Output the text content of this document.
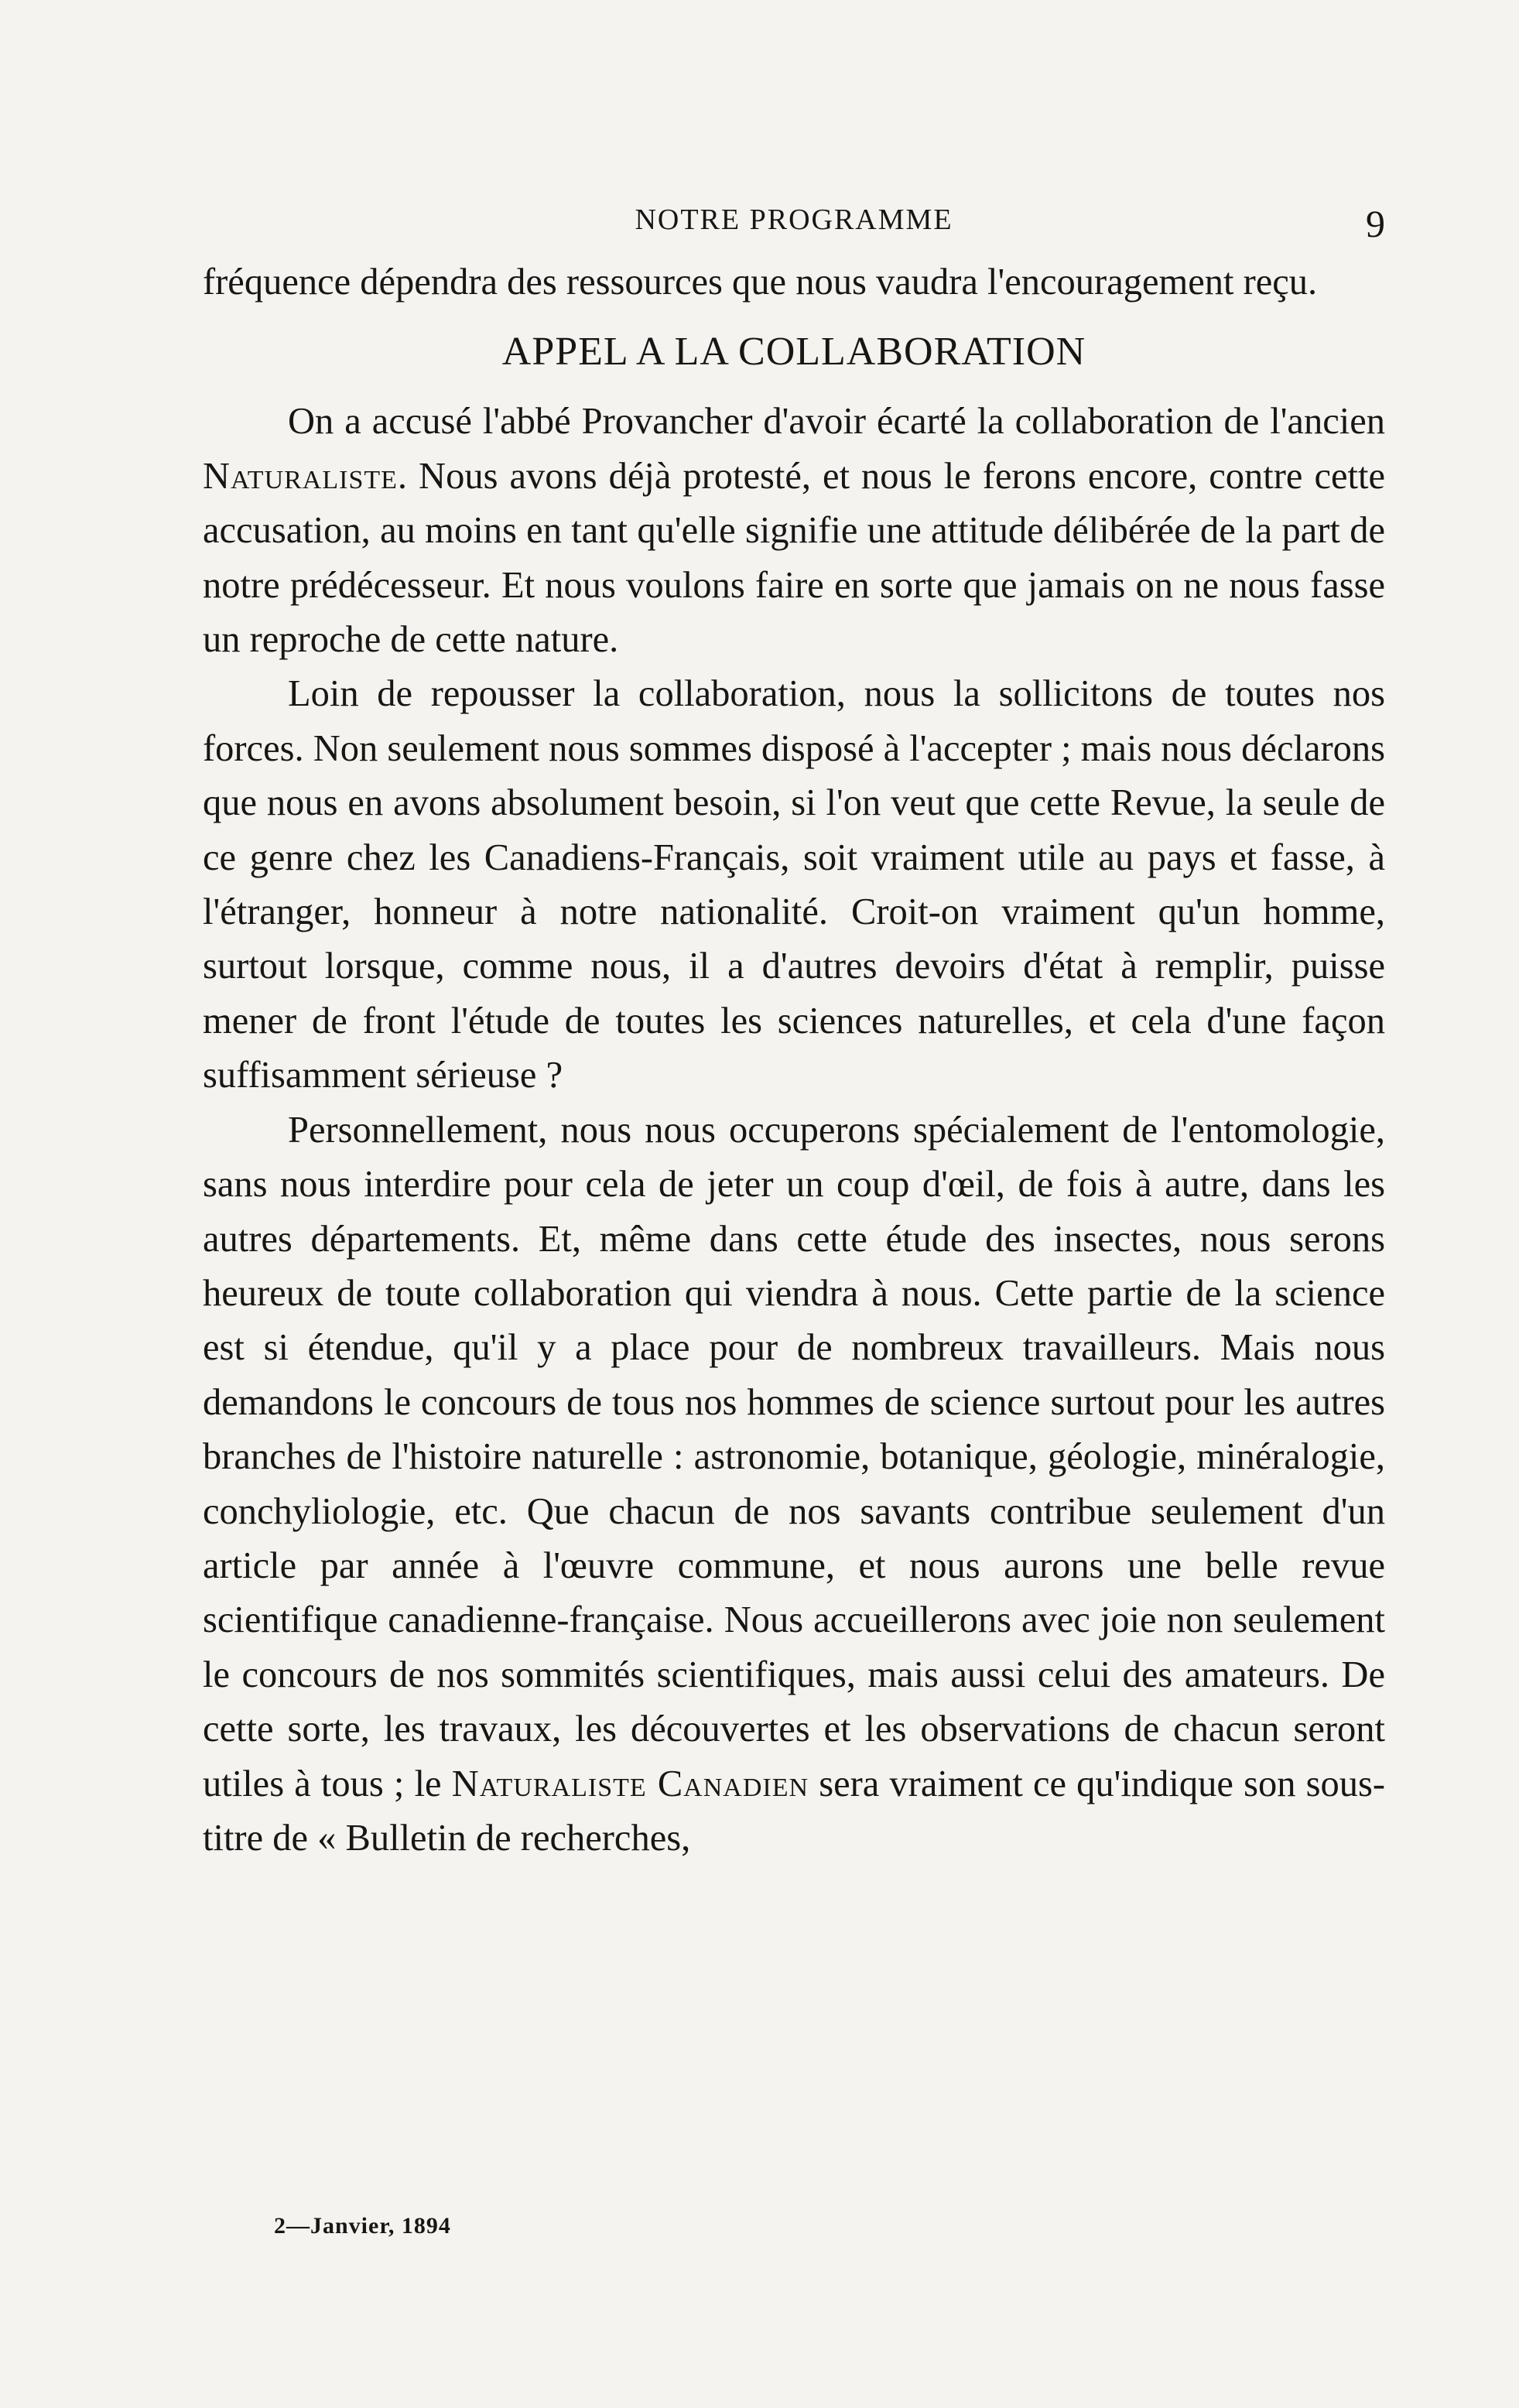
NOTRE PROGRAMME	9

fréquence dépendra des ressources que nous vaudra l'encouragement reçu.

APPEL A LA COLLABORATION

On a accusé l'abbé Provancher d'avoir écarté la collaboration de l'ancien Naturaliste. Nous avons déjà protesté, et nous le ferons encore, contre cette accusation, au moins en tant qu'elle signifie une attitude délibérée de la part de notre prédécesseur. Et nous voulons faire en sorte que jamais on ne nous fasse un reproche de cette nature.

Loin de repousser la collaboration, nous la sollicitons de toutes nos forces. Non seulement nous sommes disposé à l'accepter ; mais nous déclarons que nous en avons absolument besoin, si l'on veut que cette Revue, la seule de ce genre chez les Canadiens-Français, soit vraiment utile au pays et fasse, à l'étranger, honneur à notre nationalité. Croit-on vraiment qu'un homme, surtout lorsque, comme nous, il a d'autres devoirs d'état à remplir, puisse mener de front l'étude de toutes les sciences naturelles, et cela d'une façon suffisamment sérieuse ?

Personnellement, nous nous occuperons spécialement de l'entomologie, sans nous interdire pour cela de jeter un coup d'œil, de fois à autre, dans les autres départements. Et, même dans cette étude des insectes, nous serons heureux de toute collaboration qui viendra à nous. Cette partie de la science est si étendue, qu'il y a place pour de nombreux travailleurs. Mais nous demandons le concours de tous nos hommes de science surtout pour les autres branches de l'histoire naturelle : astronomie, botanique, géologie, minéralogie, conchyliologie, etc. Que chacun de nos savants contribue seulement d'un article par année à l'œuvre commune, et nous aurons une belle revue scientifique canadienne-française. Nous accueillerons avec joie non seulement le concours de nos sommités scientifiques, mais aussi celui des amateurs. De cette sorte, les travaux, les découvertes et les observations de chacun seront utiles à tous ; le Naturaliste Canadien sera vraiment ce qu'indique son sous-titre de « Bulletin de recherches,

2—Janvier, 1894
